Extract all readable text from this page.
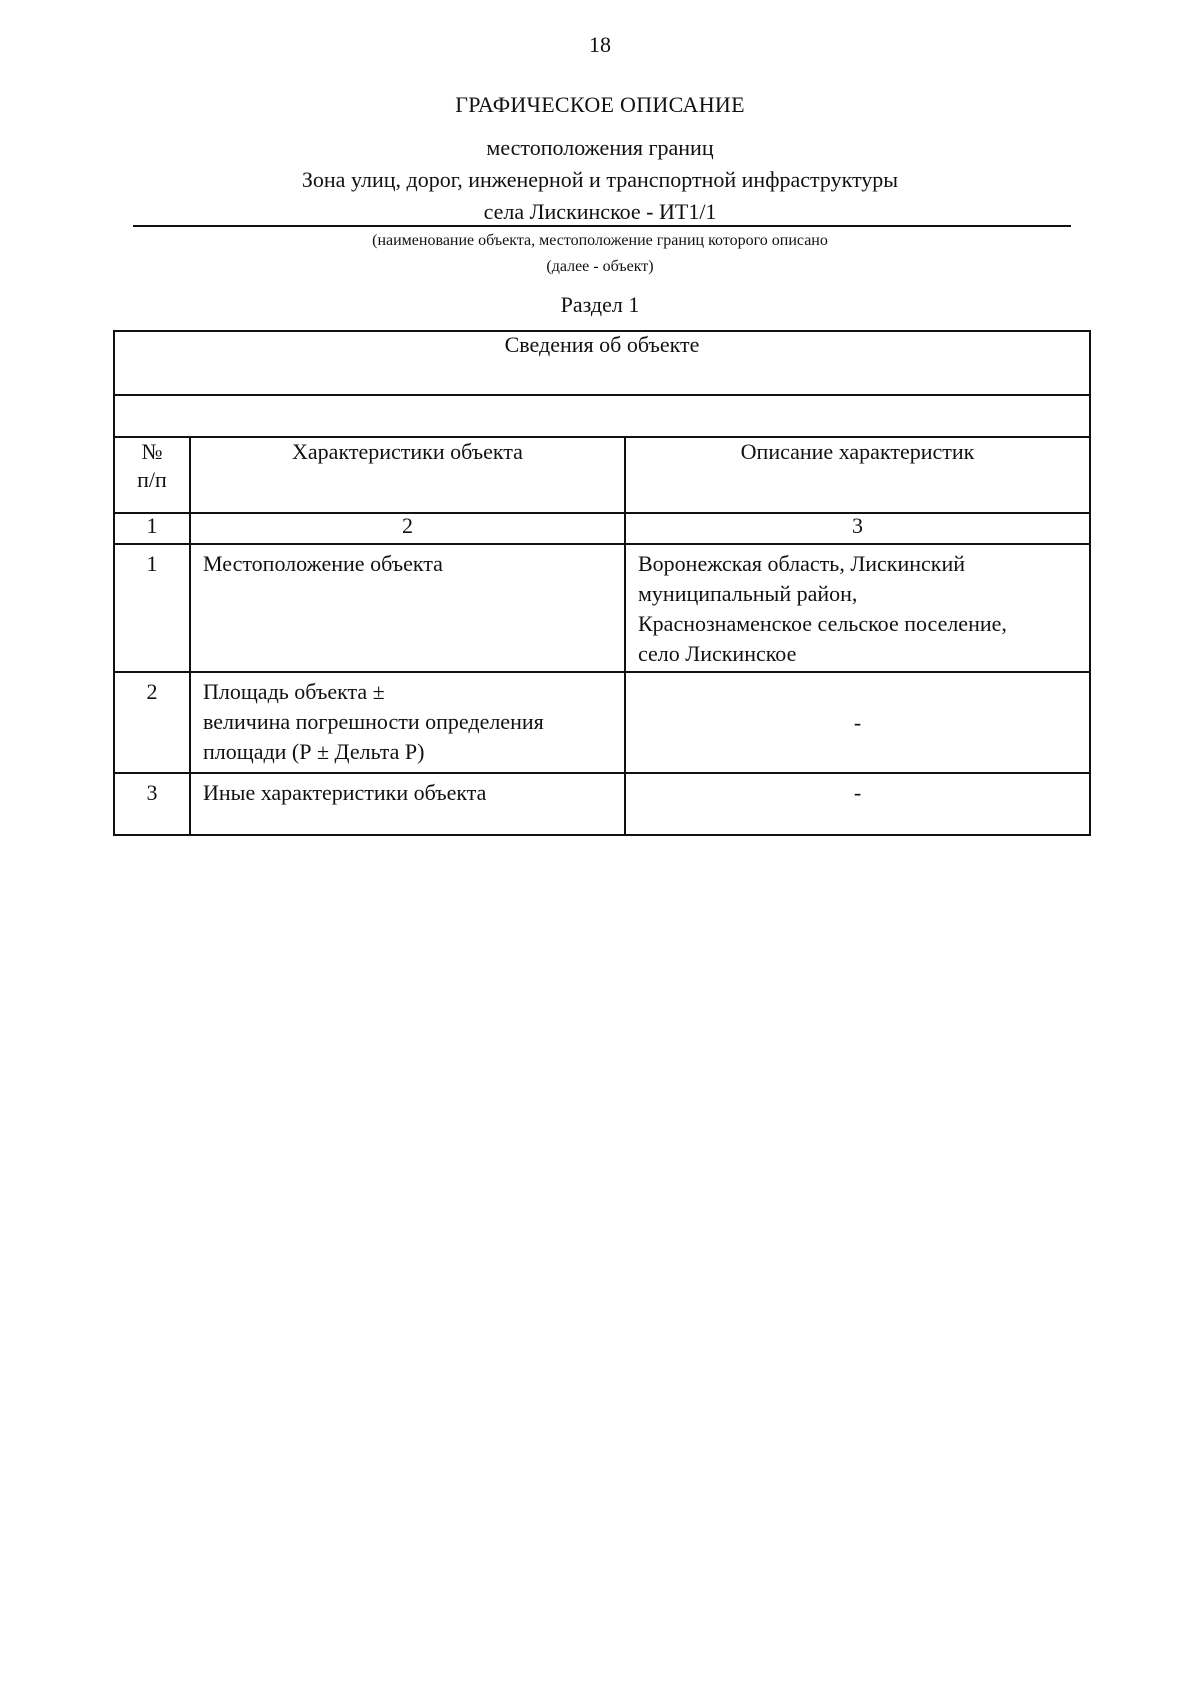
18
ГРАФИЧЕСКОЕ ОПИСАНИЕ
местоположения границ
Зона улиц, дорог, инженерной и транспортной инфраструктуры
села Лискинское - ИТ1/1
(наименование объекта, местоположение границ которого описано
(далее - объект)
Раздел 1
Сведения об объекте		

№
п/п	Характеристики объекта	Описание характеристик
1	2	3
1	Местоположение объекта	Воронежская область, Лискинский
муниципальный район,
Краснознаменское сельское поселение,
село Лискинское

2	Площадь объекта ±
величина погрешности определения
площади (Р ± Дельта Р)	-
3	Иные характеристики объекта	-
